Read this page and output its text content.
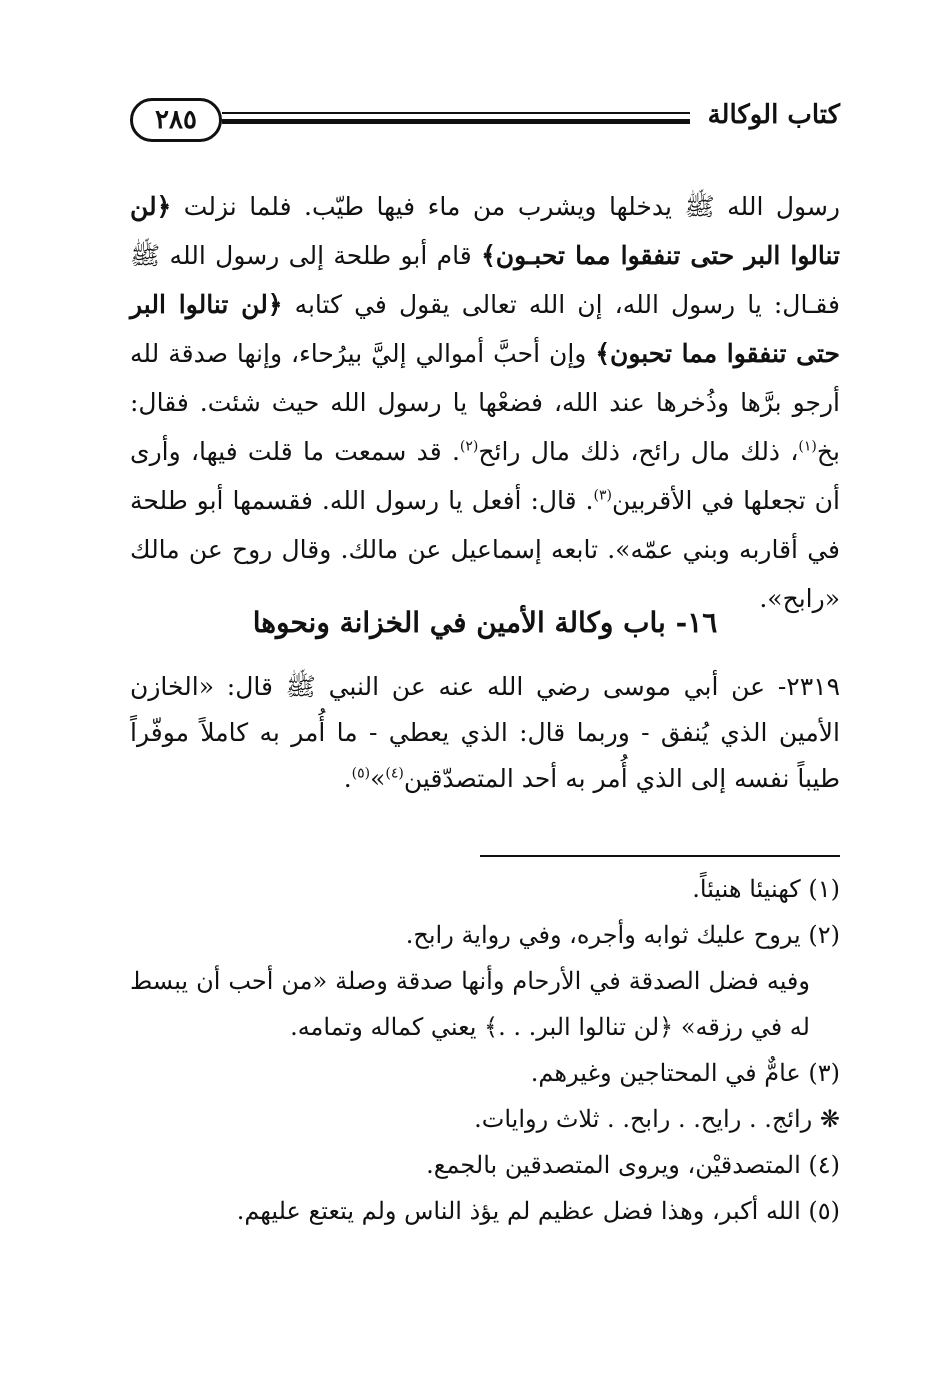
٢٨٥	كتاب الوكالة

رسول الله ﷺ يدخلها ويشرب من ماء فيها طيّب. فلما نزلت ﴿لن تنالوا البر حتى تنفقوا مما تحبـون﴾ قام أبو طلحة إلى رسول الله ﷺ فقـال: يا رسول الله، إن الله تعالى يقول في كتابه ﴿لن تنالوا البر حتى تنفقوا مما تحبون﴾ وإن أحبَّ أموالي إليَّ بيرُحاء، وإنها صدقة لله أرجو برَّها وذُخرها عند الله، فضعْها يا رسول الله حيث شئت. فقال: بخ$^{(١)}$، ذلك مال رائح، ذلك مال رائح$^{(٢)}$. قد سمعت ما قلت فيها، وأرى أن تجعلها في الأقربين$^{(٣)}$. قال: أفعل يا رسول الله. فقسمها أبو طلحة في أقاربه وبني عمّه». تابعه إسماعيل عن مالك. وقال روح عن مالك «رابح».

١٦- باب وكالة الأمين في الخزانة ونحوها

٢٣١٩- عن أبي موسى رضي الله عنه عن النبي ﷺ قال: «الخازن الأمين الذي يُنفق - وربما قال: الذي يعطي - ما أُمر به كاملاً موفّراً طيباً نفسه إلى الذي أُمر به أحد المتصدّقين$^{(٤)}$»$^{(٥)}$.

(١) كهنيئا هنيئاً.

(٢) يروح عليك ثوابه وأجره، وفي رواية رابح.

وفيه فضل الصدقة في الأرحام وأنها صدقة وصلة «من أحب أن يبسط له في رزقه» ﴿لن تنالوا البر. . .﴾ يعني كماله وتمامه.

(٣) عامٌّ في المحتاجين وغيرهم.

❋ رائج. . رايح. . رابح. . ثلاث روايات.

(٤) المتصدقيْن، ويروى المتصدقين بالجمع.

(٥) الله أكبر، وهذا فضل عظيم لم يؤذ الناس ولم يتعتع عليهم.
